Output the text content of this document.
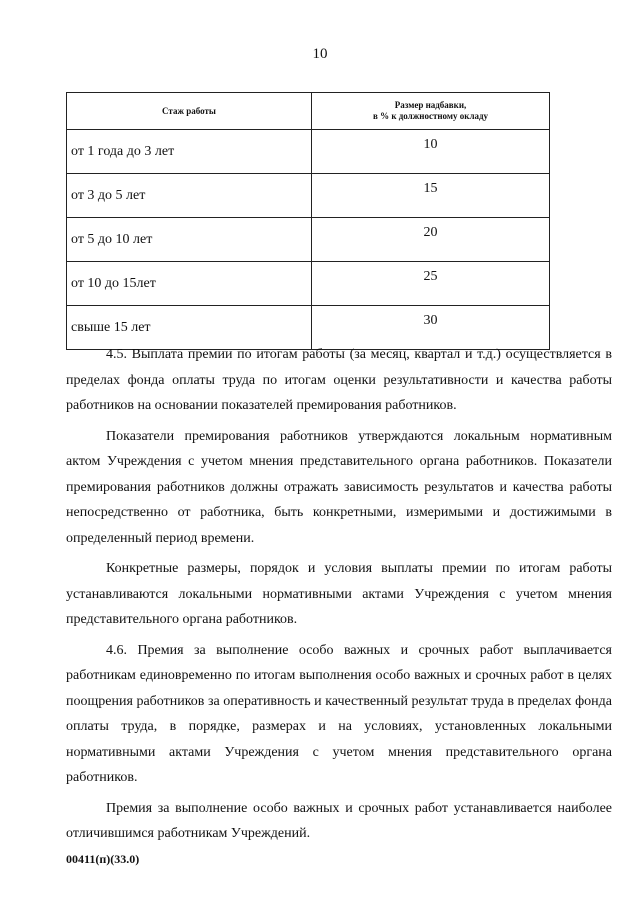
10
Стаж работы	Размер надбавки,
в % к должностному окладу
от 1 года до 3 лет	10
от 3 до 5 лет	15
от 5 до 10 лет	20
от 10 до 15лет	25
свыше 15 лет	30

4.5. Выплата премии по итогам работы (за месяц, квартал и т.д.) осуществляется в пределах фонда оплаты труда по итогам оценки результативности и качества работы работников на основании показателей премирования работников.

Показатели премирования работников утверждаются локальным нормативным актом Учреждения с учетом мнения представительного органа работников. Показатели премирования работников должны отражать зависимость результатов и качества работы непосредственно от работника, быть конкретными, измеримыми и достижимыми в определенный период времени.

Конкретные размеры, порядок и условия выплаты премии по итогам работы устанавливаются локальными нормативными актами Учреждения с учетом мнения представительного органа работников.

4.6. Премия за выполнение особо важных и срочных работ выплачивается работникам единовременно по итогам выполнения особо важных и срочных работ в целях поощрения работников за оперативность и качественный результат труда в пределах фонда оплаты труда, в порядке, размерах и на условиях, установленных локальными нормативными актами Учреждения с учетом мнения представительного органа работников.

Премия за выполнение особо важных и срочных работ устанавливается наиболее отличившимся работникам Учреждений.

00411(п)(33.0)
